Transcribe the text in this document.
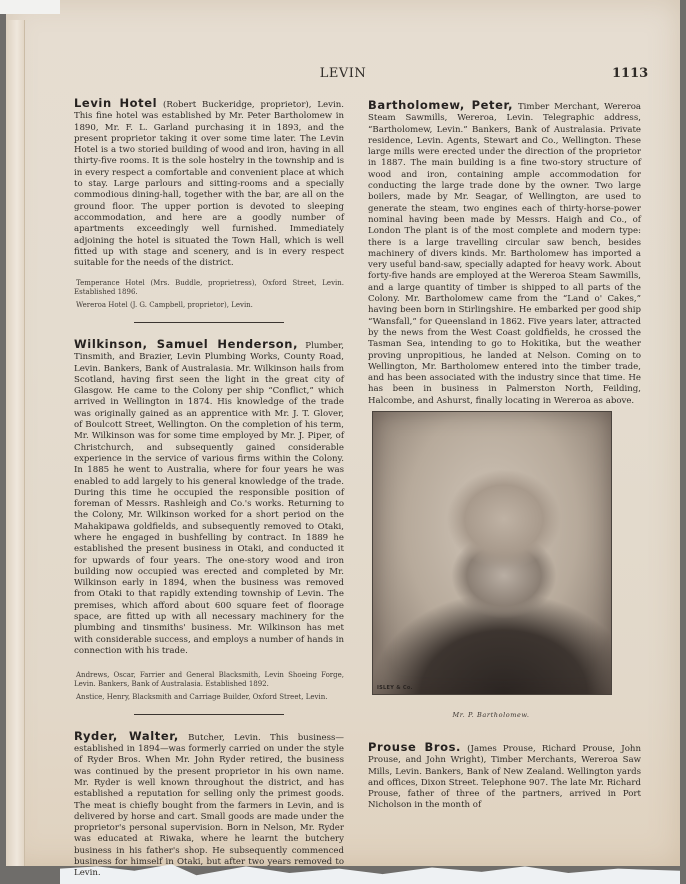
LEVIN	1113

Levin Hotel (Robert Buckeridge, proprietor), Levin. This fine hotel was established by Mr. Peter Bartholomew in 1890, Mr. F. L. Garland purchasing it in 1893, and the present proprietor taking it over some time later. The Levin Hotel is a two storied building of wood and iron, having in all thirty-five rooms. It is the sole hostelry in the township and is in every respect a comfortable and convenient place at which to stay. Large parlours and sitting-rooms and a specially commodious dining-hall, together with the bar, are all on the ground floor. The upper portion is devoted to sleeping accommodation, and here are a goodly number of apartments exceedingly well furnished. Immediately adjoining the hotel is situated the Town Hall, which is well fitted up with stage and scenery, and is in every respect suitable for the needs of the district.

Temperance Hotel (Mrs. Buddle, proprietress), Oxford Street, Levin. Established 1896.

Wereroa Hotel (J. G. Campbell, proprietor), Levin.

Wilkinson, Samuel Henderson, Plumber, Tinsmith, and Brazier, Levin Plumbing Works, County Road, Levin. Bankers, Bank of Australasia. Mr. Wilkinson hails from Scotland, having first seen the light in the great city of Glasgow. He came to the Colony per ship “Conflict,” which arrived in Wellington in 1874. His knowledge of the trade was originally gained as an apprentice with Mr. J. T. Glover, of Boulcott Street, Wellington. On the completion of his term, Mr. Wilkinson was for some time employed by Mr. J. Piper, of Christchurch, and subsequently gained considerable experience in the service of various firms within the Colony. In 1885 he went to Australia, where for four years he was enabled to add largely to his general knowledge of the trade. During this time he occupied the responsible position of foreman of Messrs. Rashleigh and Co.'s works. Returning to the Colony, Mr. Wilkinson worked for a short period on the Mahakipawa goldfields, and subsequently removed to Otaki, where he engaged in bushfelling by contract. In 1889 he established the present business in Otaki, and conducted it for upwards of four years. The one-story wood and iron building now occupied was erected and completed by Mr. Wilkinson early in 1894, when the business was removed from Otaki to that rapidly extending township of Levin. The premises, which afford about 600 square feet of floorage space, are fitted up with all necessary machinery for the plumbing and tinsmiths' business. Mr. Wilkinson has met with considerable success, and employs a number of hands in connection with his trade.

Andrews, Oscar, Farrier and General Blacksmith, Levin Shoeing Forge, Levin. Bankers, Bank of Australasia. Established 1892.

Anstice, Henry, Blacksmith and Carriage Builder, Oxford Street, Levin.

Ryder, Walter, Butcher, Levin. This business—established in 1894—was formerly carried on under the style of Ryder Bros. When Mr. John Ryder retired, the business was continued by the present proprietor in his own name. Mr. Ryder is well known throughout the district, and has established a reputation for selling only the primest goods. The meat is chiefly bought from the farmers in Levin, and is delivered by horse and cart. Small goods are made under the proprietor's personal supervision. Born in Nelson, Mr. Ryder was educated at Riwaka, where he learnt the butchery business in his father's shop. He subsequently commenced business for himself in Otaki, but after two years removed to Levin.

Bartholomew, Peter, Timber Merchant, Wereroa Steam Sawmills, Wereroa, Levin. Telegraphic address, “Bartholomew, Levin.” Bankers, Bank of Australasia. Private residence, Levin. Agents, Stewart and Co., Wellington. These large mills were erected under the direction of the proprietor in 1887. The main building is a fine two-story structure of wood and iron, containing ample accommodation for conducting the large trade done by the owner. Two large boilers, made by Mr. Seagar, of Wellington, are used to generate the steam, two engines each of thirty-horse-power nominal having been made by Messrs. Haigh and Co., of London The plant is of the most complete and modern type: there is a large travelling circular saw bench, besides machinery of divers kinds. Mr. Bartholomew has imported a very useful band-saw, specially adapted for heavy work. About forty-five hands are employed at the Wereroa Steam Sawmills, and a large quantity of timber is shipped to all parts of the Colony. Mr. Bartholomew came from the “Land o' Cakes,” having been born in Stirlingshire. He embarked per good ship “Wansfall,” for Queensland in 1862. Five years later, attracted by the news from the West Coast goldfields, he crossed the Tasman Sea, intending to go to Hokitika, but the weather proving unpropitious, he landed at Nelson. Coming on to Wellington, Mr. Bartholomew entered into the timber trade, and has been associated with the industry since that time. He has been in business in Palmerston North, Feilding, Halcombe, and Ashurst, finally locating in Wereroa as above.

ISLEY & Co.
Mr. P. Bartholomew.

Prouse Bros. (James Prouse, Richard Prouse, John Prouse, and John Wright), Timber Merchants, Wereroa Saw Mills, Levin. Bankers, Bank of New Zealand. Wellington yards and offices, Dixon Street. Telephone 907. The late Mr. Richard Prouse, father of three of the partners, arrived in Port Nicholson in the month of
